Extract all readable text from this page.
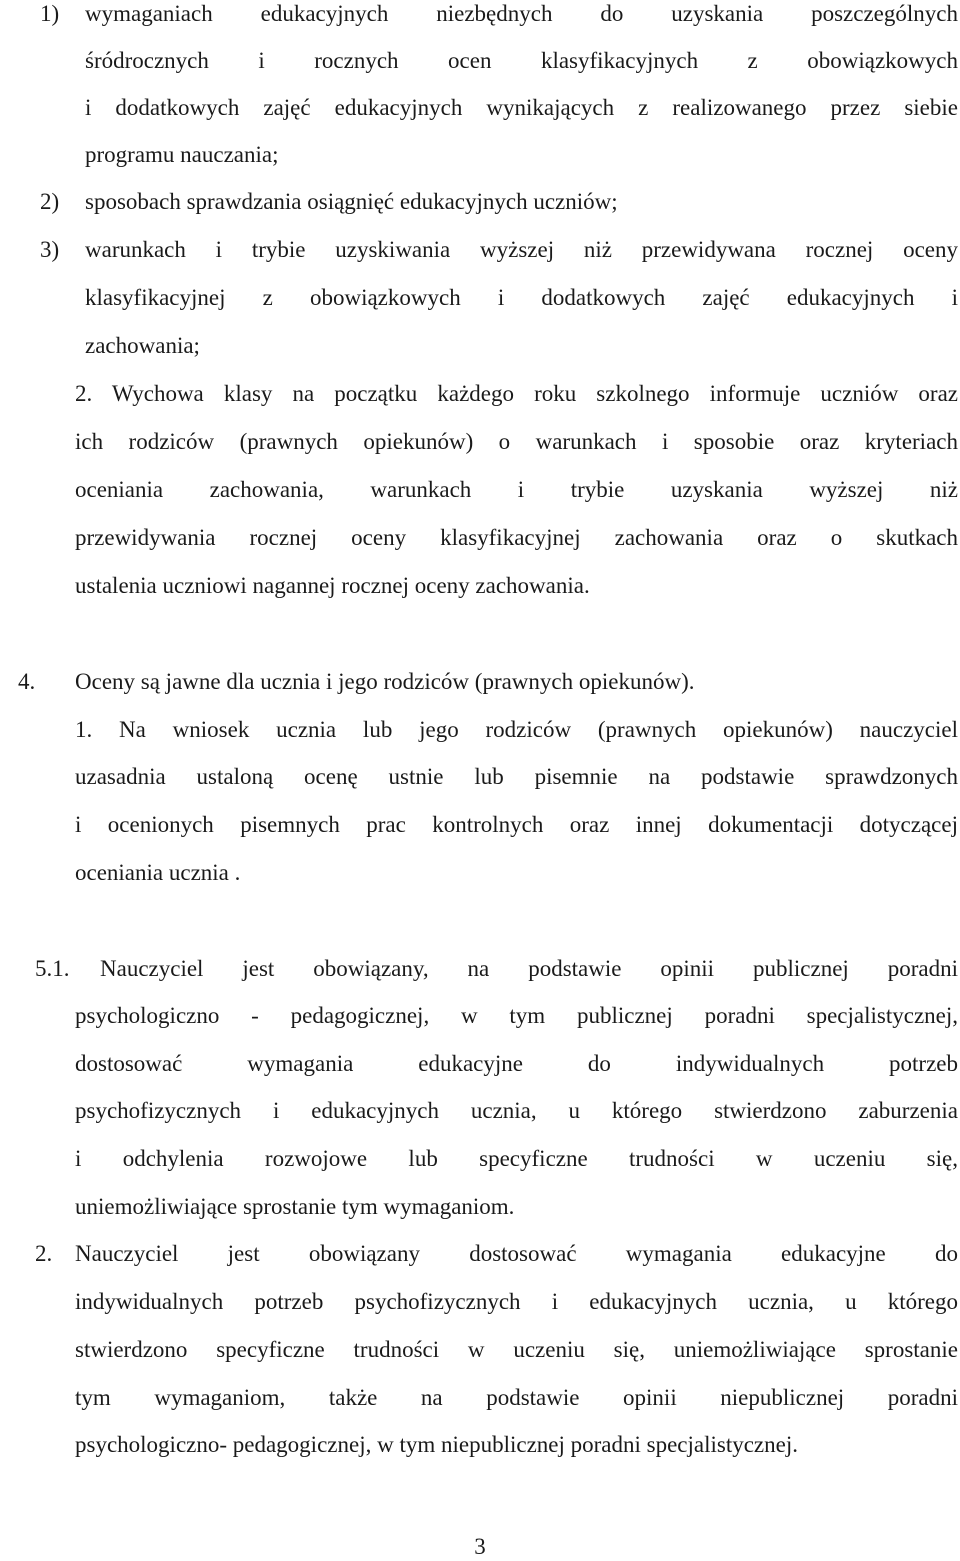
1) wymaganiach edukacyjnych niezbędnych do uzyskania poszczególnych
śródrocznych i rocznych ocen klasyfikacyjnych z obowiązkowych
i dodatkowych zajęć edukacyjnych wynikających z realizowanego przez siebie
programu nauczania;
2) sposobach sprawdzania osiągnięć edukacyjnych uczniów;
3) warunkach i trybie uzyskiwania wyższej niż przewidywana rocznej oceny
klasyfikacyjnej z obowiązkowych i dodatkowych zajęć edukacyjnych i
zachowania;
2. Wychowa klasy na początku każdego roku szkolnego informuje uczniów oraz
ich rodziców (prawnych opiekunów) o warunkach i sposobie oraz kryteriach
oceniania zachowania, warunkach i trybie uzyskania wyższej niż
przewidywania rocznej oceny klasyfikacyjnej zachowania oraz o skutkach
ustalenia uczniowi nagannej rocznej oceny zachowania.
4. Oceny są jawne dla ucznia i jego rodziców (prawnych opiekunów).
1. Na wniosek ucznia lub jego rodziców (prawnych opiekunów) nauczyciel
uzasadnia ustaloną ocenę ustnie lub pisemnie na podstawie sprawdzonych
i ocenionych pisemnych prac kontrolnych oraz innej dokumentacji dotyczącej
oceniania ucznia .
5.1. Nauczyciel jest obowiązany, na podstawie opinii publicznej poradni
psychologiczno - pedagogicznej, w tym publicznej poradni specjalistycznej,
dostosować wymagania edukacyjne do indywidualnych potrzeb
psychofizycznych i edukacyjnych ucznia, u którego stwierdzono zaburzenia
i odchylenia rozwojowe lub specyficzne trudności w uczeniu się,
uniemożliwiające sprostanie tym wymaganiom.
2. Nauczyciel jest obowiązany dostosować wymagania edukacyjne do
indywidualnych potrzeb psychofizycznych i edukacyjnych ucznia, u którego
stwierdzono specyficzne trudności w uczeniu się, uniemożliwiające sprostanie
tym wymaganiom, także na podstawie opinii niepublicznej poradni
psychologiczno- pedagogicznej, w tym niepublicznej poradni specjalistycznej.
3
